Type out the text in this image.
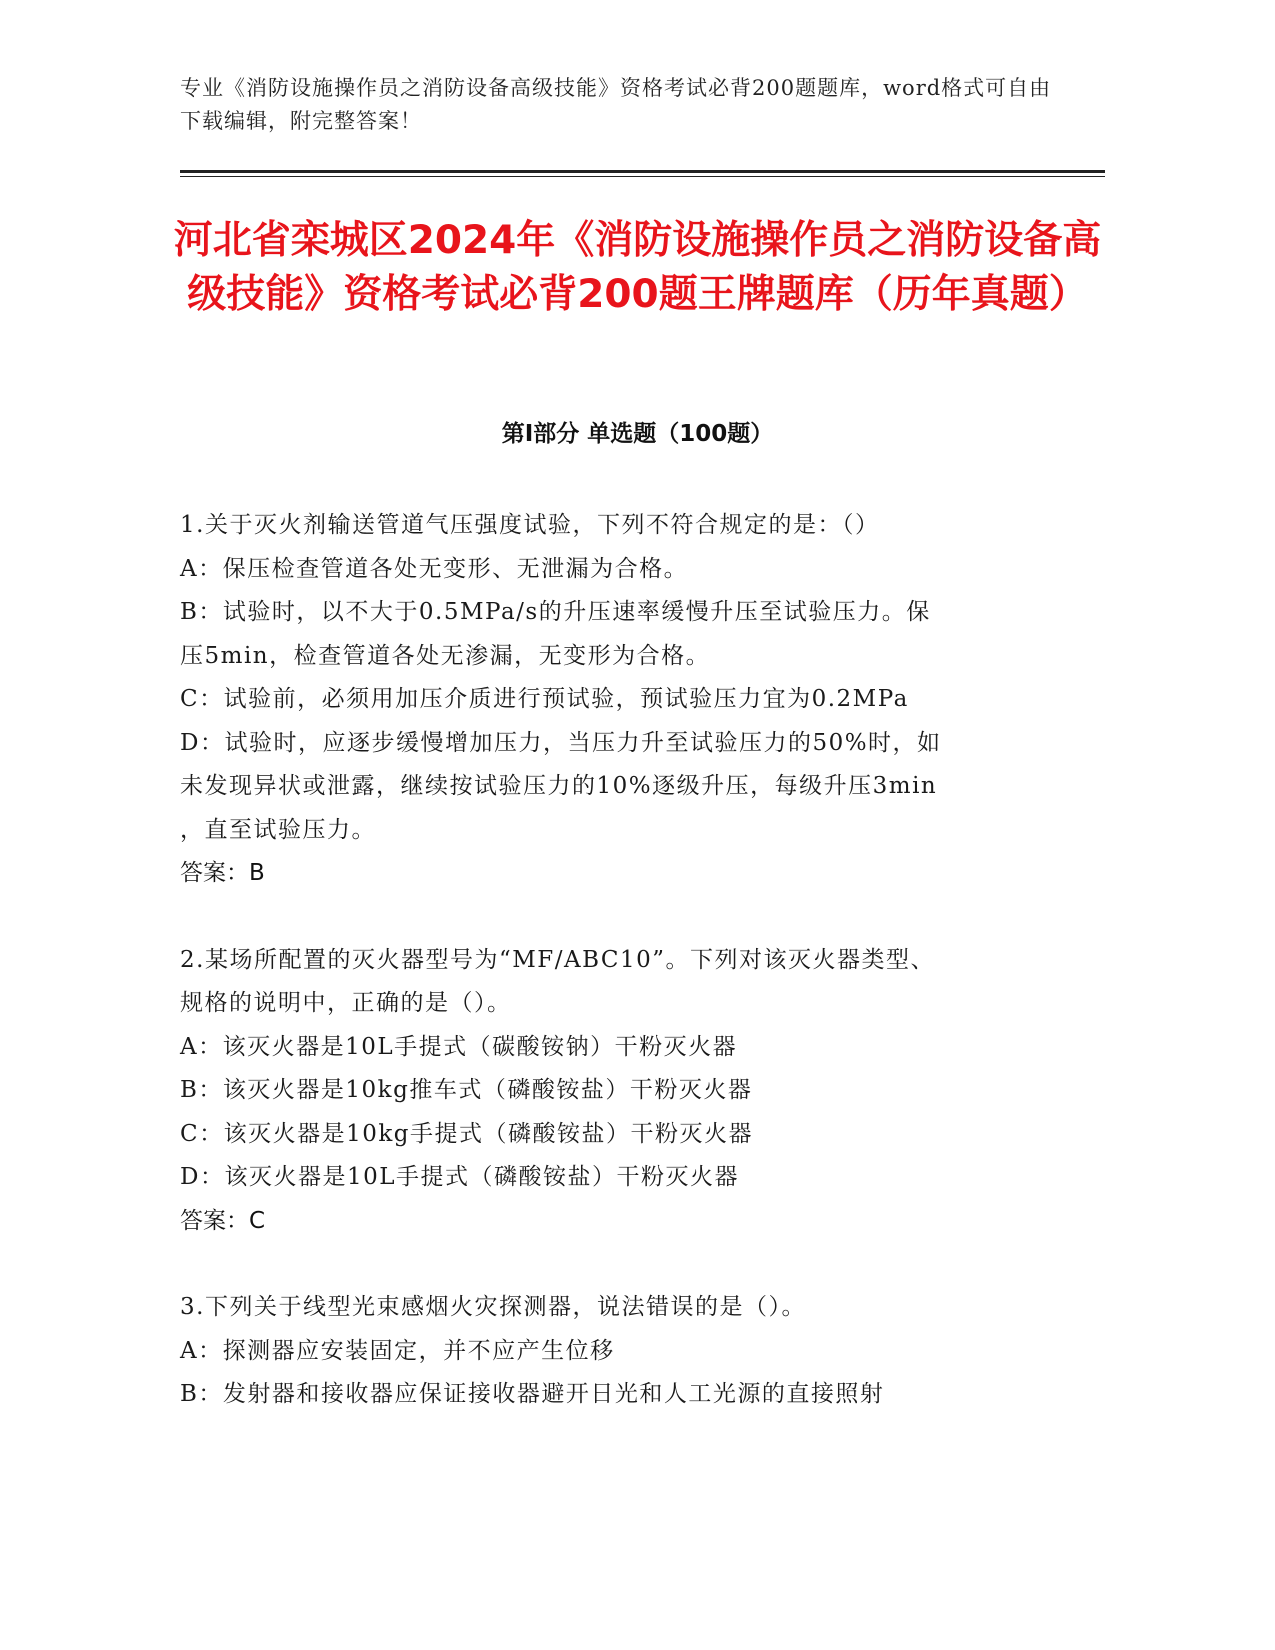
专业《消防设施操作员之消防设备高级技能》资格考试必背200题题库，word格式可自由下载编辑，附完整答案！
河北省栾城区2024年《消防设施操作员之消防设备高级技能》资格考试必背200题王牌题库（历年真题）
第I部分 单选题（100题）
1.关于灭火剂输送管道气压强度试验，下列不符合规定的是：（）
A：保压检查管道各处无变形、无泄漏为合格。
B：试验时，以不大于0.5MPa/s的升压速率缓慢升压至试验压力。保
压5min，检查管道各处无渗漏，无变形为合格。
C：试验前，必须用加压介质进行预试验，预试验压力宜为0.2MPa
D：试验时，应逐步缓慢增加压力，当压力升至试验压力的50%时，如
未发现异状或泄露，继续按试验压力的10%逐级升压，每级升压3min
，直至试验压力。
答案：B
2.某场所配置的灭火器型号为“MF/ABC10”。下列对该灭火器类型、
规格的说明中，正确的是（）。
A：该灭火器是10L手提式（碳酸铵钠）干粉灭火器
B：该灭火器是10kg推车式（磷酸铵盐）干粉灭火器
C：该灭火器是10kg手提式（磷酸铵盐）干粉灭火器
D：该灭火器是10L手提式（磷酸铵盐）干粉灭火器
答案：C
3.下列关于线型光束感烟火灾探测器，说法错误的是（）。
A：探测器应安装固定，并不应产生位移
B：发射器和接收器应保证接收器避开日光和人工光源的直接照射
